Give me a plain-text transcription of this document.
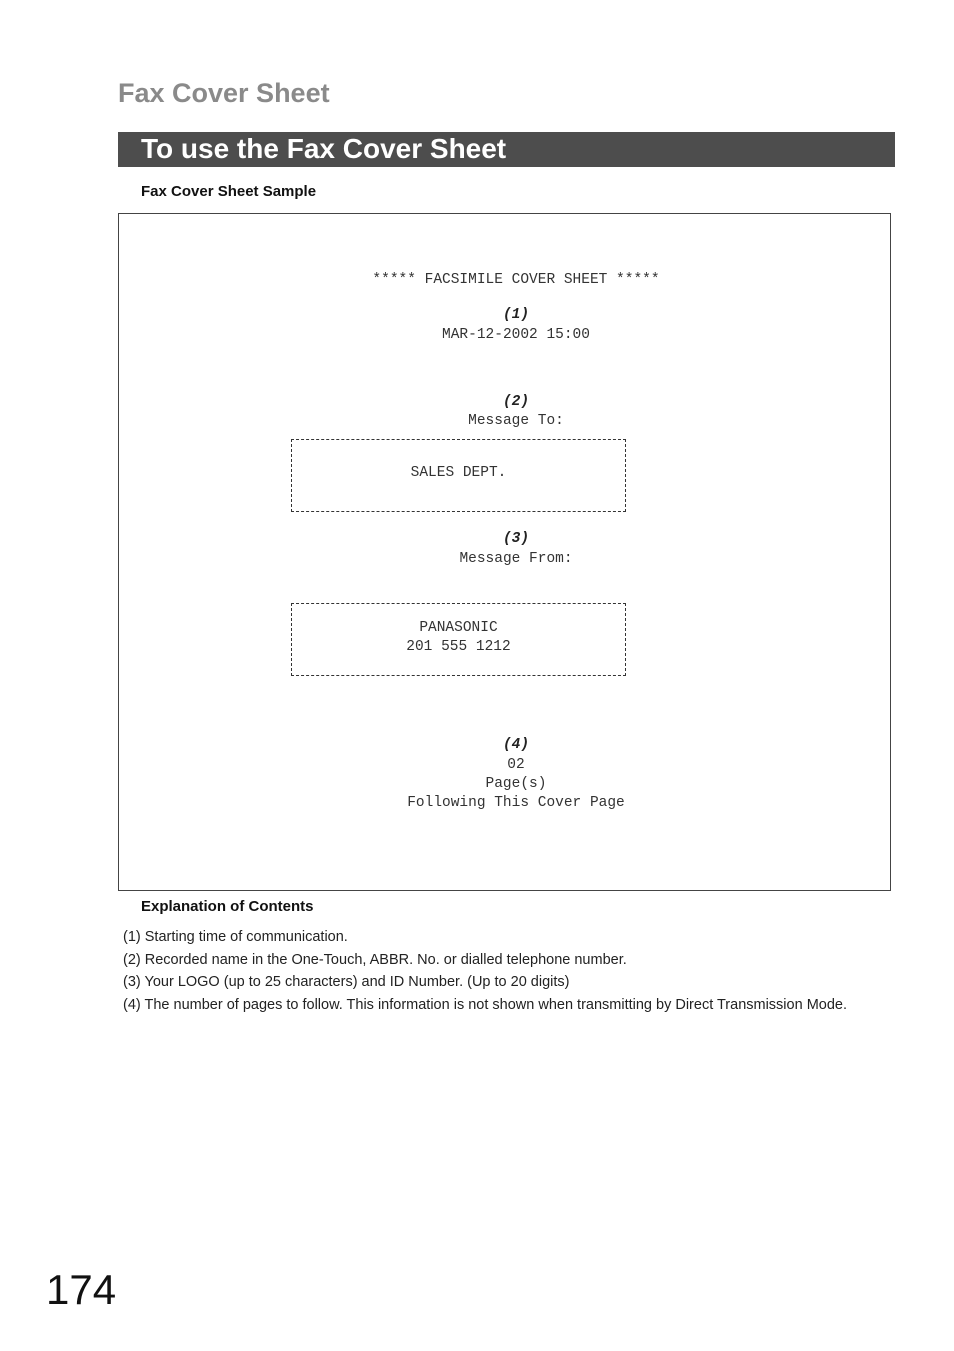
Fax Cover Sheet
To use the Fax Cover Sheet
Fax Cover Sheet Sample
***** FACSIMILE COVER SHEET *****
(1)
MAR-12-2002 15:00
(2)
Message To:
SALES DEPT.
(3)
Message From:
PANASONIC
201 555 1212
(4)
02
Page(s)
Following This Cover Page
Explanation of Contents
(1) Starting time of communication.
(2) Recorded name in the One-Touch, ABBR. No. or dialled telephone number.
(3) Your LOGO (up to 25 characters) and ID Number. (Up to 20 digits)
(4) The number of pages to follow. This information is not shown when transmitting by Direct Transmission Mode.
174
